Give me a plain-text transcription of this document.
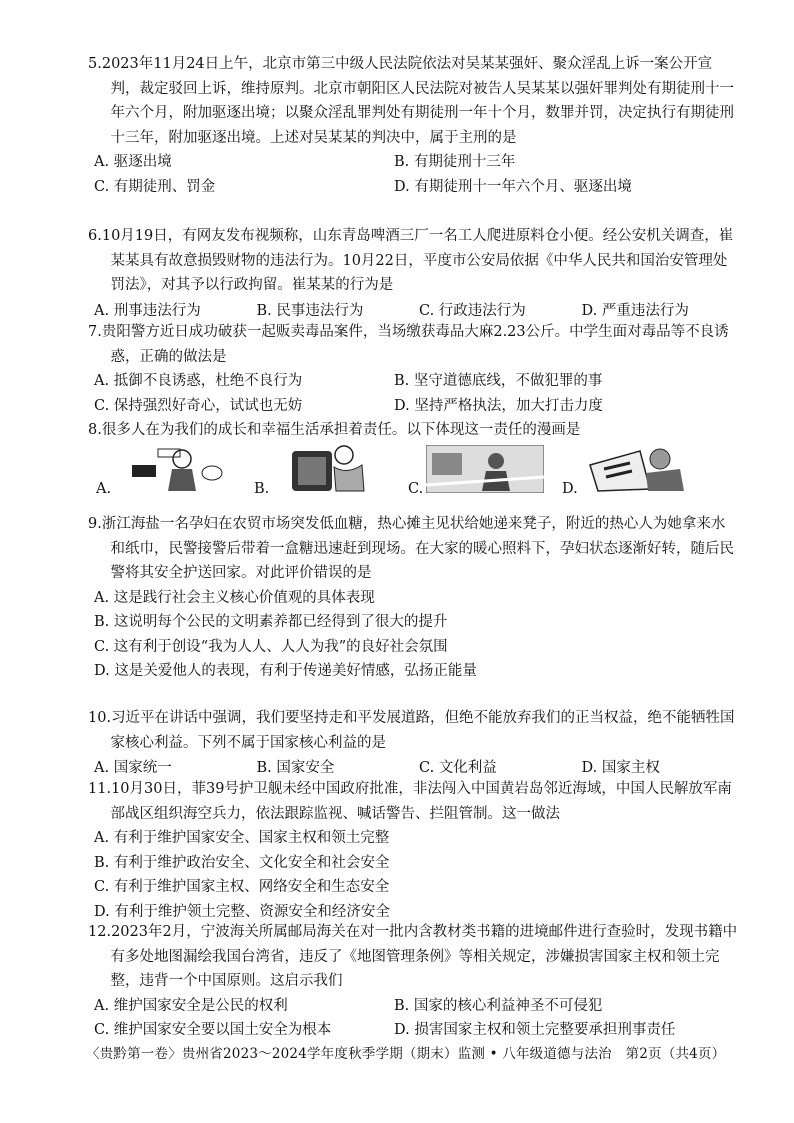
5.2023年11月24日上午，北京市第三中级人民法院依法对吴某某强奸、聚众淫乱上诉一案公开宣判，裁定驳回上诉，维持原判。北京市朝阳区人民法院对被告人吴某某以强奸罪判处有期徒刑十一年六个月，附加驱逐出境；以聚众淫乱罪判处有期徒刑一年十个月，数罪并罚，决定执行有期徒刑十三年，附加驱逐出境。上述对吴某某的判决中，属于主刑的是

A. 驱逐出境	B. 有期徒刑十三年
C. 有期徒刑、罚金	D. 有期徒刑十一年六个月、驱逐出境

6.10月19日，有网友发布视频称，山东青岛啤酒三厂一名工人爬进原料仓小便。经公安机关调查，崔某某具有故意损毁财物的违法行为。10月22日，平度市公安局依据《中华人民共和国治安管理处罚法》，对其予以行政拘留。崔某某的行为是

A. 刑事违法行为	B. 民事违法行为	C. 行政违法行为	D. 严重违法行为

7.贵阳警方近日成功破获一起贩卖毒品案件，当场缴获毒品大麻2.23公斤。中学生面对毒品等不良诱惑，正确的做法是

A. 抵御不良诱惑，杜绝不良行为	B. 坚守道德底线，不做犯罪的事
C. 保持强烈好奇心，试试也无妨	D. 坚持严格执法，加大打击力度

8.很多人在为我们的成长和幸福生活承担着责任。以下体现这一责任的漫画是

A.	B.	C.	D.

9.浙江海盐一名孕妇在农贸市场突发低血糖，热心摊主见状给她递来凳子，附近的热心人为她拿来水和纸巾，民警接警后带着一盒糖迅速赶到现场。在大家的暖心照料下，孕妇状态逐渐好转，随后民警将其安全护送回家。对此评价错误的是

A. 这是践行社会主义核心价值观的具体表现
B. 这说明每个公民的文明素养都已经得到了很大的提升
C. 这有利于创设“我为人人、人人为我”的良好社会氛围
D. 这是关爱他人的表现，有利于传递美好情感，弘扬正能量

10.习近平在讲话中强调，我们要坚持走和平发展道路，但绝不能放弃我们的正当权益，绝不能牺牲国家核心利益。下列不属于国家核心利益的是

A. 国家统一	B. 国家安全	C. 文化利益	D. 国家主权

11.10月30日，菲39号护卫舰未经中国政府批准，非法闯入中国黄岩岛邻近海域，中国人民解放军南部战区组织海空兵力，依法跟踪监视、喊话警告、拦阻管制。这一做法

A. 有利于维护国家安全、国家主权和领土完整
B. 有利于维护政治安全、文化安全和社会安全
C. 有利于维护国家主权、网络安全和生态安全
D. 有利于维护领土完整、资源安全和经济安全

12.2023年2月，宁波海关所属邮局海关在对一批内含教材类书籍的进境邮件进行查验时，发现书籍中有多处地图漏绘我国台湾省，违反了《地图管理条例》等相关规定，涉嫌损害国家主权和领土完整，违背一个中国原则。这启示我们

A. 维护国家安全是公民的权利	B. 国家的核心利益神圣不可侵犯
C. 维护国家安全要以国土安全为根本	D. 损害国家主权和领土完整要承担刑事责任
〈贵黔第一卷〉贵州省2023～2024学年度秋季学期（期末）监测 • 八年级道德与法治　第2页（共4页）
